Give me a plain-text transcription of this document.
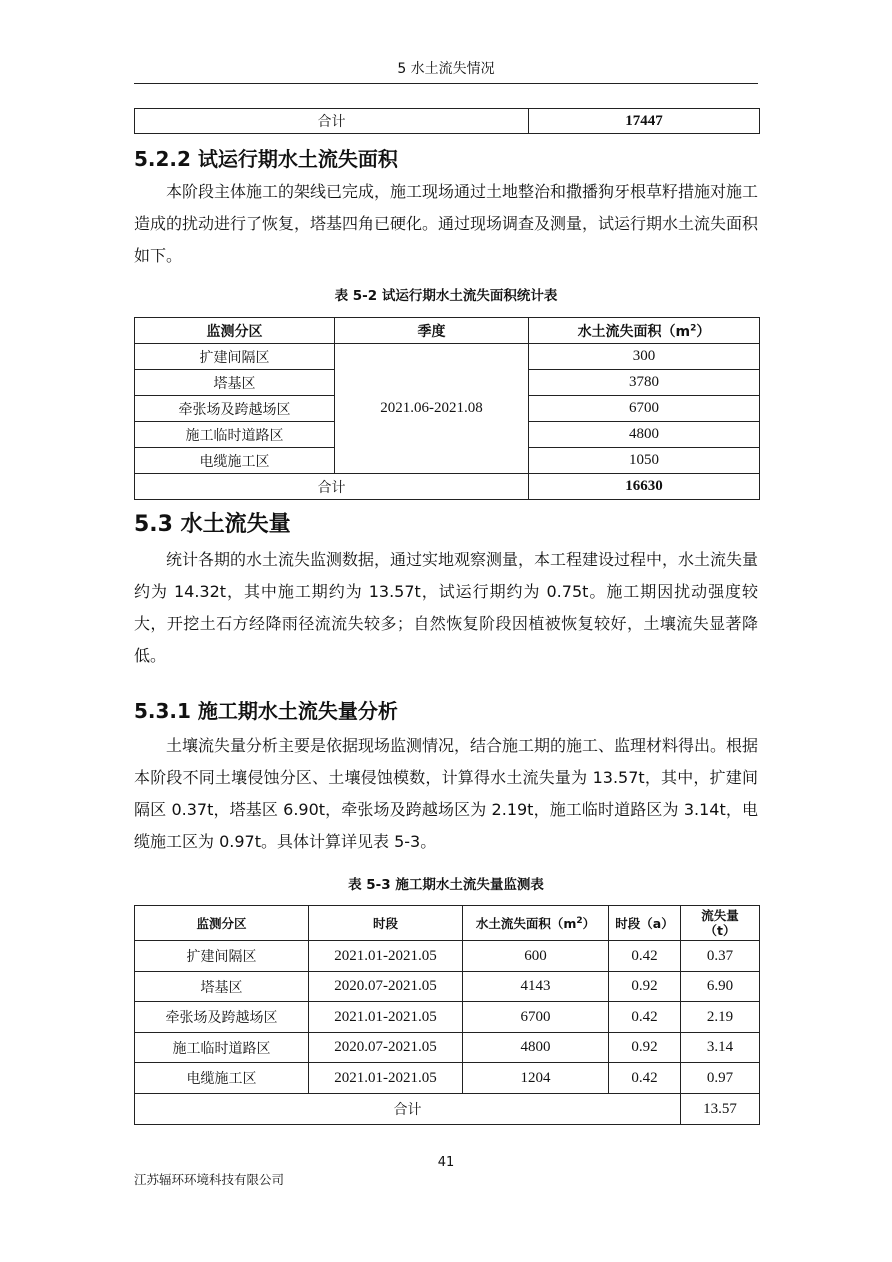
5 水土流失情况
合计	17447
5.2.2 试运行期水土流失面积

本阶段主体施工的架线已完成，施工现场通过土地整治和撒播狗牙根草籽措施对施工造成的扰动进行了恢复，塔基四角已硬化。通过现场调查及测量，试运行期水土流失面积如下。

表 5-2 试运行期水土流失面积统计表

监测分区	季度	水土流失面积$(m^2)$
扩建间隔区	2021.06-2021.08	300
塔基区		3780
牵张场及跨越场区		6700
施工临时道路区		4800
电缆施工区		1050
合计		16630
5.3 水土流失量

统计各期的水土流失监测数据，通过实地观察测量，本工程建设过程中，水土流失量约为 14.32t，其中施工期约为 13.57t，试运行期约为 0.75t。施工期因扰动强度较大，开挖土石方经降雨径流流失较多；自然恢复阶段因植被恢复较好，土壤流失显著降低。

5.3.1 施工期水土流失量分析

土壤流失量分析主要是依据现场监测情况，结合施工期的施工、监理材料得出。根据本阶段不同土壤侵蚀分区、土壤侵蚀模数，计算得水土流失量为 13.57t，其中，扩建间隔区 0.37t，塔基区 6.90t，牵张场及跨越场区为 2.19t，施工临时道路区为 3.14t，电缆施工区为 0.97t。具体计算详见表 5-3。

表 5-3 施工期水土流失量监测表

监测分区	时段	水土流失面积$(m^2)$	时段（a）	流失量
（t）

扩建间隔区	2021.01-2021.05	600	0.42	0.37
塔基区	2020.07-2021.05	4143	0.92	6.90
牵张场及跨越场区	2021.01-2021.05	6700	0.42	2.19
施工临时道路区	2020.07-2021.05	4800	0.92	3.14
电缆施工区	2021.01-2021.05	1204	0.42	0.97
合计				13.57
41
江苏辐环环境科技有限公司
